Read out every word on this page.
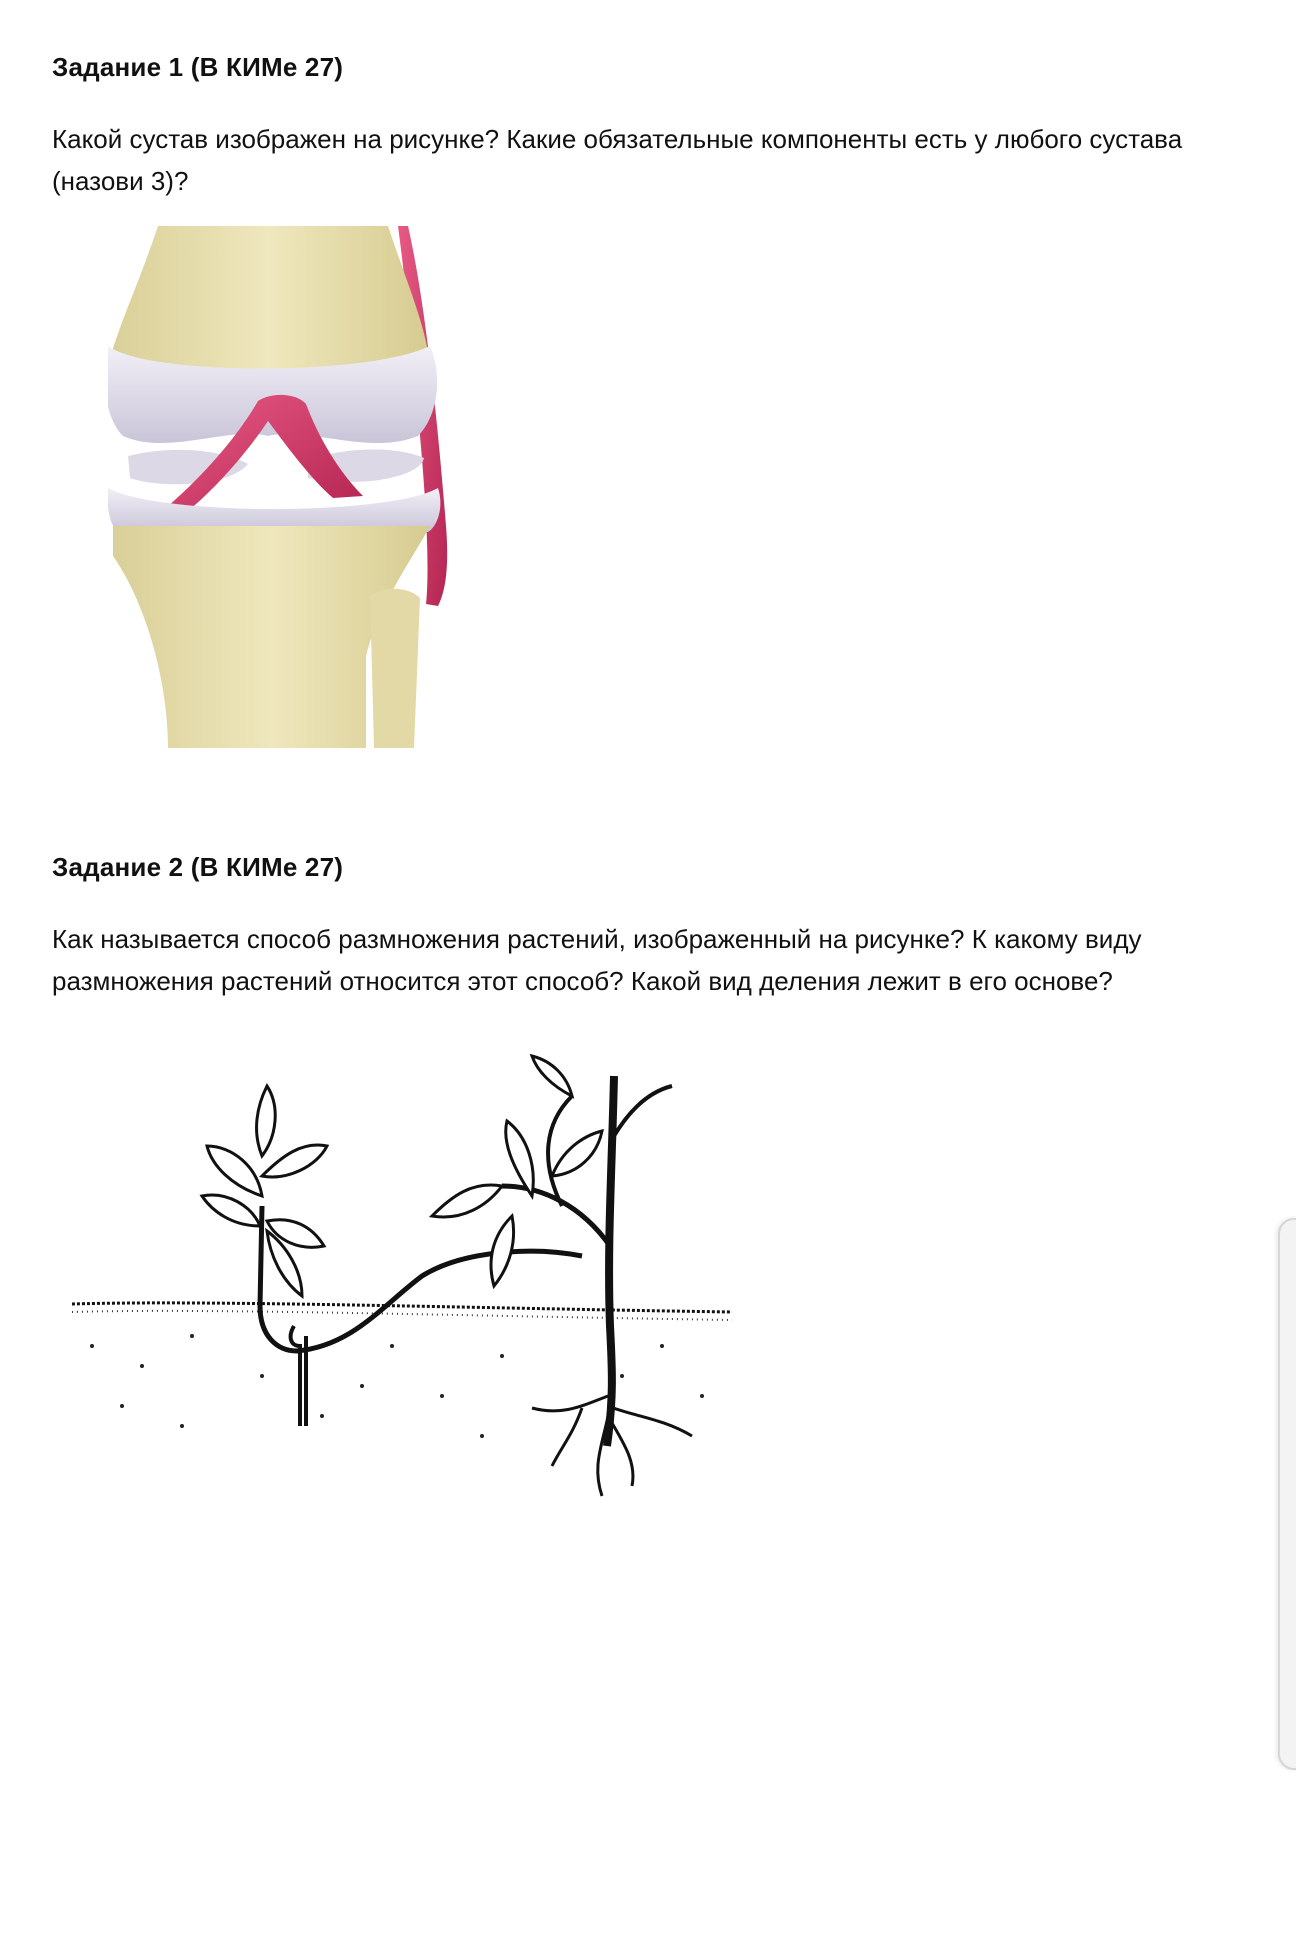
Задание 1 (В КИМе 27)

Какой сустав изображен на рисунке? Какие обязательные компоненты есть у любого сустава (назови 3)?

Задание 2 (В КИМе 27)

Как называется способ размножения растений, изображенный на рисунке? К какому виду размножения растений относится этот способ? Какой вид деления лежит в его основе?
